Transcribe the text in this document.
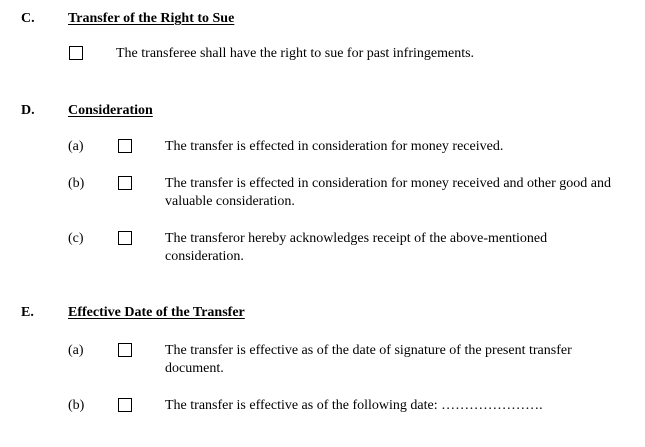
C. Transfer of the Right to Sue
The transferee shall have the right to sue for past infringements.
D. Consideration
(a)	The transfer is effected in consideration for money received.
(b)	The transfer is effected in consideration for money received and other good and valuable consideration.
(c)	The transferor hereby acknowledges receipt of the above-mentioned consideration.
E. Effective Date of the Transfer
(a)	The transfer is effective as of the date of signature of the present transfer document.
(b)	The transfer is effective as of the following date: ………………….
